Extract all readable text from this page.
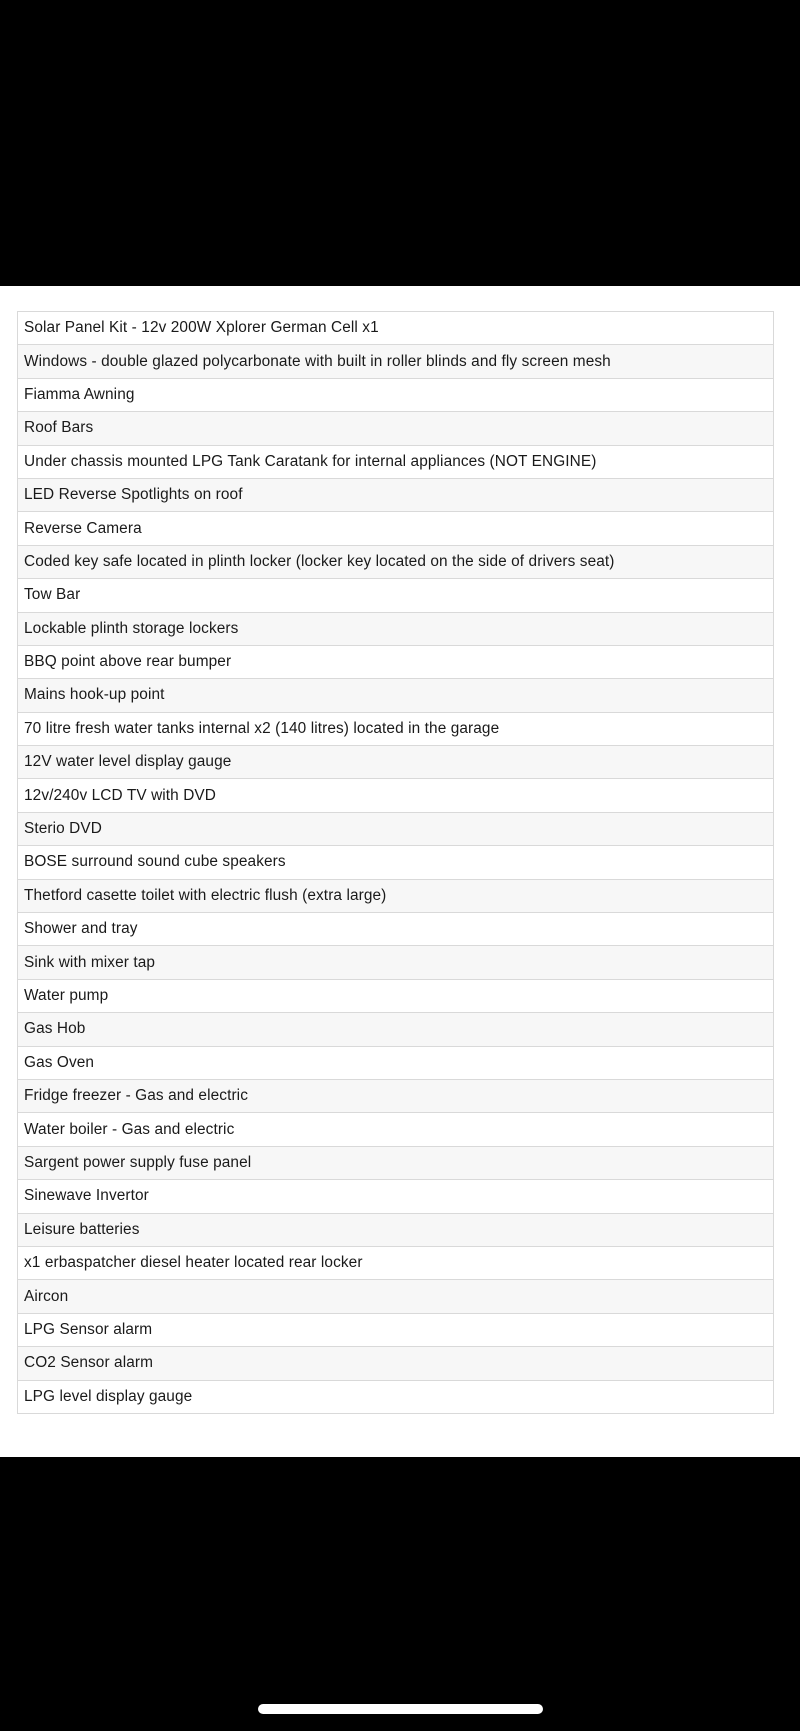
Solar Panel Kit - 12v 200W Xplorer German Cell x1
Windows - double glazed polycarbonate with built in roller blinds and fly screen mesh
Fiamma Awning
Roof Bars
Under chassis mounted LPG Tank Caratank for internal appliances (NOT ENGINE)
LED Reverse Spotlights on roof
Reverse Camera
Coded key safe located in plinth locker (locker key located on the side of drivers seat)
Tow Bar
Lockable plinth storage lockers
BBQ point above rear bumper
Mains hook-up point
70 litre fresh water tanks internal x2 (140 litres) located in the garage
12V water level display gauge
12v/240v LCD TV with DVD
Sterio DVD
BOSE surround sound cube speakers
Thetford casette toilet with electric flush (extra large)
Shower and tray
Sink with mixer tap
Water pump
Gas Hob
Gas Oven
Fridge freezer - Gas and electric
Water boiler - Gas and electric
Sargent power supply fuse panel
Sinewave Invertor
Leisure batteries
x1 erbaspatcher diesel heater located rear locker
Aircon
LPG Sensor alarm
CO2 Sensor alarm
LPG level display gauge
